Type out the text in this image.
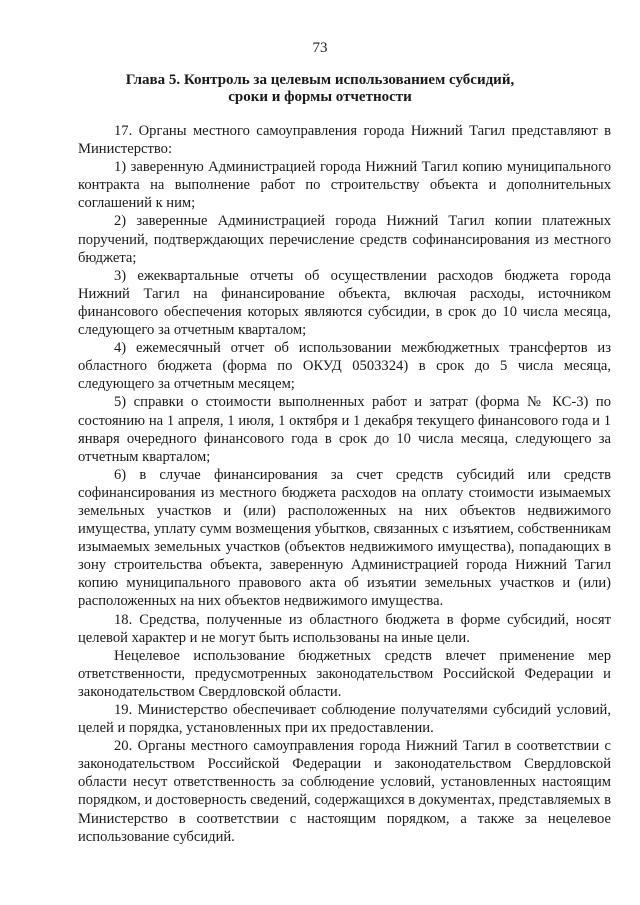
73
Глава 5. Контроль за целевым использованием субсидий,
сроки и формы отчетности

17. Органы местного самоуправления города Нижний Тагил представляют в Министерство:

1) заверенную Администрацией города Нижний Тагил копию муниципального контракта на выполнение работ по строительству объекта и дополнительных соглашений к ним;

2) заверенные Администрацией города Нижний Тагил копии платежных поручений, подтверждающих перечисление средств софинансирования из местного бюджета;

3) ежеквартальные отчеты об осуществлении расходов бюджета города Нижний Тагил на финансирование объекта, включая расходы, источником финансового обеспечения которых являются субсидии, в срок до 10 числа месяца, следующего за отчетным кварталом;

4) ежемесячный отчет об использовании межбюджетных трансфертов из областного бюджета (форма по ОКУД 0503324) в срок до 5 числа месяца, следующего за отчетным месяцем;

5) справки о стоимости выполненных работ и затрат (форма № КС-3) по состоянию на 1 апреля, 1 июля, 1 октября и 1 декабря текущего финансового года и 1 января очередного финансового года в срок до 10 числа месяца, следующего за отчетным кварталом;

6) в случае финансирования за счет средств субсидий или средств софинансирования из местного бюджета расходов на оплату стоимости изымаемых земельных участков и (или) расположенных на них объектов недвижимого имущества, уплату сумм возмещения убытков, связанных с изъятием, собственникам изымаемых земельных участков (объектов недвижимого имущества), попадающих в зону строительства объекта, заверенную Администрацией города Нижний Тагил копию муниципального правового акта об изъятии земельных участков и (или) расположенных на них объектов недвижимого имущества.

18. Средства, полученные из областного бюджета в форме субсидий, носят целевой характер и не могут быть использованы на иные цели.

Нецелевое использование бюджетных средств влечет применение мер ответственности, предусмотренных законодательством Российской Федерации и законодательством Свердловской области.

19. Министерство обеспечивает соблюдение получателями субсидий условий, целей и порядка, установленных при их предоставлении.

20. Органы местного самоуправления города Нижний Тагил в соответствии с законодательством Российской Федерации и законодательством Свердловской области несут ответственность за соблюдение условий, установленных настоящим порядком, и достоверность сведений, содержащихся в документах, представляемых в Министерство в соответствии с настоящим порядком, а также за нецелевое использование субсидий.
